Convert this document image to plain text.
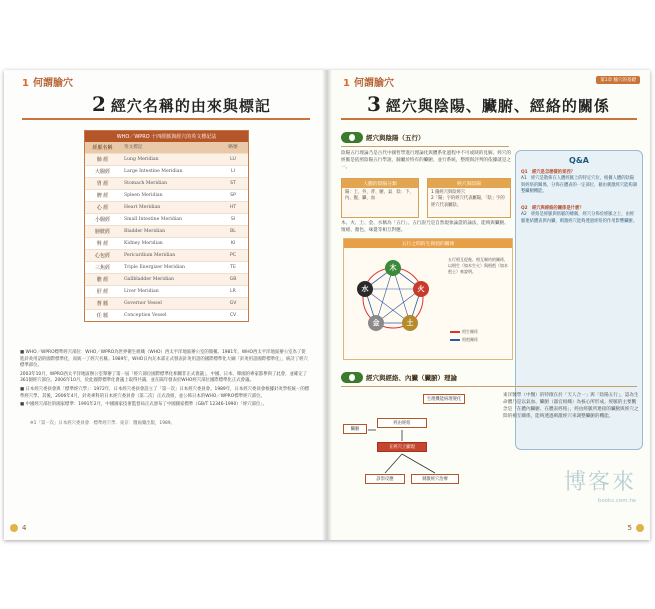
1 何謂腧穴
2 經穴名稱的由來與標記
WHO／WPRO 十四經脈與經穴的英文標記法
經脈名稱	英文標記	略號
肺 經	Lung Meridian	LU
大腸經	Large Intestine Meridian	LI
胃 經	Stomach Meridian	ST
脾 經	Spleen Meridian	SP
心 經	Heart Meridian	HT
小腸經	Small Intestine Meridian	SI
膀胱經	Bladder Meridian	BL
腎 經	Kidney Meridian	KI
心包經	Pericardium Meridian	PC
三焦經	Triple Energizer Meridian	TE
膽 經	Gallbladder Meridian	GB
肝 經	Liver Meridian	LR
督 脈	Governor Vessel	GV
任 脈	Conception Vessel	CV

■ WHO／WPRO標準經穴部位：WHO／WPRO為世界衛生組織（WHO）西太平洋地區辦公室的簡稱。1981年，WHO西太平洋地區辦公室為了促進針灸用語的國際標準化，而統一了經穴名稱。1989年，WHO日內瓦本部正式發表針灸用語的國際標準化大綱「針灸用語國際標準化」，統計了經穴標準部位。

2003年10月，WPRO西太平洋地區辦公室舉辦了第一屆「經穴部位國際標準化相關非正式會議」，中國、日本、韓國的專家都參與了此會，並確定了361個經穴部位。2006年10月，於此國際標準化會議上取得共識，並在隔年發表於WHO經穴部位國際標準化正式會議。

■ 日本經穴委員會與「標準經穴學」：1972年，日本經穴委員會設立了「第一次」日本經穴委員會。1989年，日本經穴委員會根據針灸學校統一的標準經穴學。其後，2006年4月，針灸專科的日本經穴委員會（第二次）正式改組，並公佈日本的WHO／WPRO標準經穴部位。

■ 中國經穴部位的國家標準：1991年2月，中國國家技術監督局正式頒布了中國國家標準（GB/T 12346-1990）「經穴部位」。

※1「第一次」日本經穴委員會．標準經穴學．東京：醫齒藥出版，1989。
4
1 何謂腧穴	第1章 腧穴的基礎
3 經穴與陰陽、臟腑、經絡的關係
經穴與陰陽（五行）
陰陽五行理論乃是古代中國哲學進行理論化與體系化過程中不可或缺的見解。經穴的經脈是依照陰陽五行學說，歸屬於特有的臟腑，並行系統，整理與評判的依據就是之一。
人體的陰陽分類
陽：上、外、背、腑、氣　陰：下、內、腹、臟、血
經穴與陰陽
1 陽經穴與陰經穴
2「陽」字的經穴代表屬陽，「陰」字的經穴代表屬陰。
木、火、土、金、水稱為「五行」。五行說乃是自然現象論證的論法，能夠與臟腑、情緒、顏色、味覺等相互對應。
五行之間的生與剋的關係
木
火
土
金
水
五行相互促進、相互制約的關係，以相生（如木生火）與相剋（如木剋土）來說明。
相生關係
相剋關係
Q&A
Q1　經穴是怎麼樣的東西？
A1　經穴是散佈在人體經脈上的特定穴位，根據人體的陰陽與經絡的關係，分佈在體表的一定部位，藉由刺激經穴能夠調整臟腑機能。
Q2　經穴與經絡的關係是什麼？
A2　經絡是經脈與絡脈的總稱，經穴分佈於經脈之上，由經脈連結體表與內臟，刺激經穴能夠透過經絡的作用影響臟腑。
經穴與經絡、內臟（臟腑）理論
臟腑
生理機能病理變化
經由經絡
在經穴上顯現
診察反應	刺激經穴治療
東洋醫學（中醫）的特徵在於「天人合一」與「陰陽五行」，認為生命體乃是以氣血、臟腑（器官組織）為核心所形成。經脈的主要觀念是「在體內臟腑、在體表經絡」，經由經脈所連接的臟腑與經穴之間的相互關係，能夠透過刺激經穴來調整臟腑的機能。
博客來
books.com.tw
5
